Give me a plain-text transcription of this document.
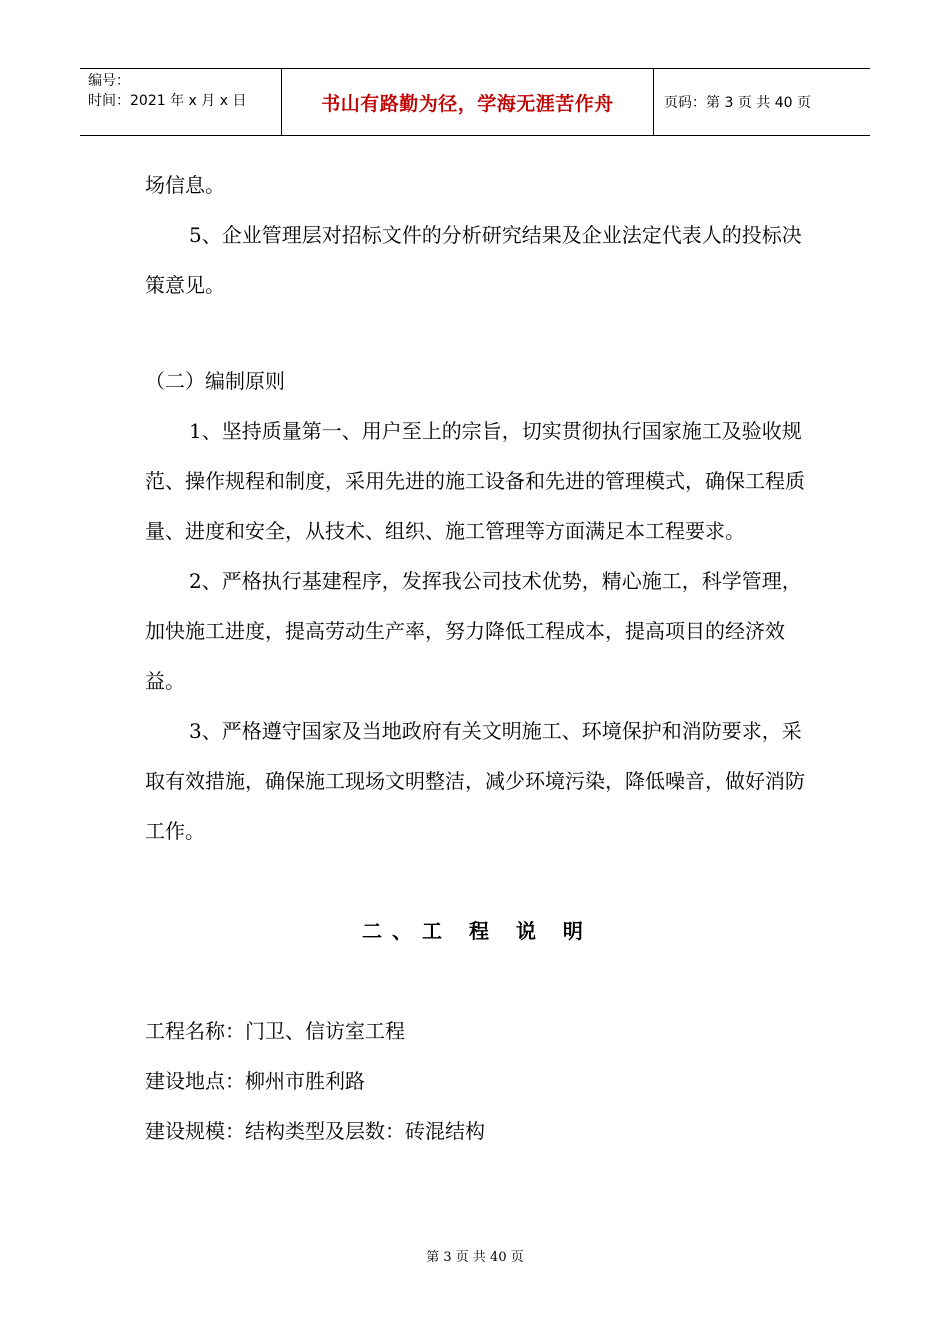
编号：
时间：2021 年 x 月 x 日	书山有路勤为径，学海无涯苦作舟	页码：第 3 页 共 40 页

场信息。

5、企业管理层对招标文件的分析研究结果及企业法定代表人的投标决策意见。

（二）编制原则

1、坚持质量第一、用户至上的宗旨，切实贯彻执行国家施工及验收规范、操作规程和制度，采用先进的施工设备和先进的管理模式，确保工程质量、进度和安全，从技术、组织、施工管理等方面满足本工程要求。

2、严格执行基建程序，发挥我公司技术优势，精心施工，科学管理，加快施工进度，提高劳动生产率，努力降低工程成本，提高项目的经济效益。

3、严格遵守国家及当地政府有关文明施工、环境保护和消防要求，采取有效措施，确保施工现场文明整洁，减少环境污染，降低噪音，做好消防工作。

二、工 程 说 明

工程名称：门卫、信访室工程

建设地点：柳州市胜利路

建设规模：结构类型及层数：砖混结构

第 3 页 共 40 页
